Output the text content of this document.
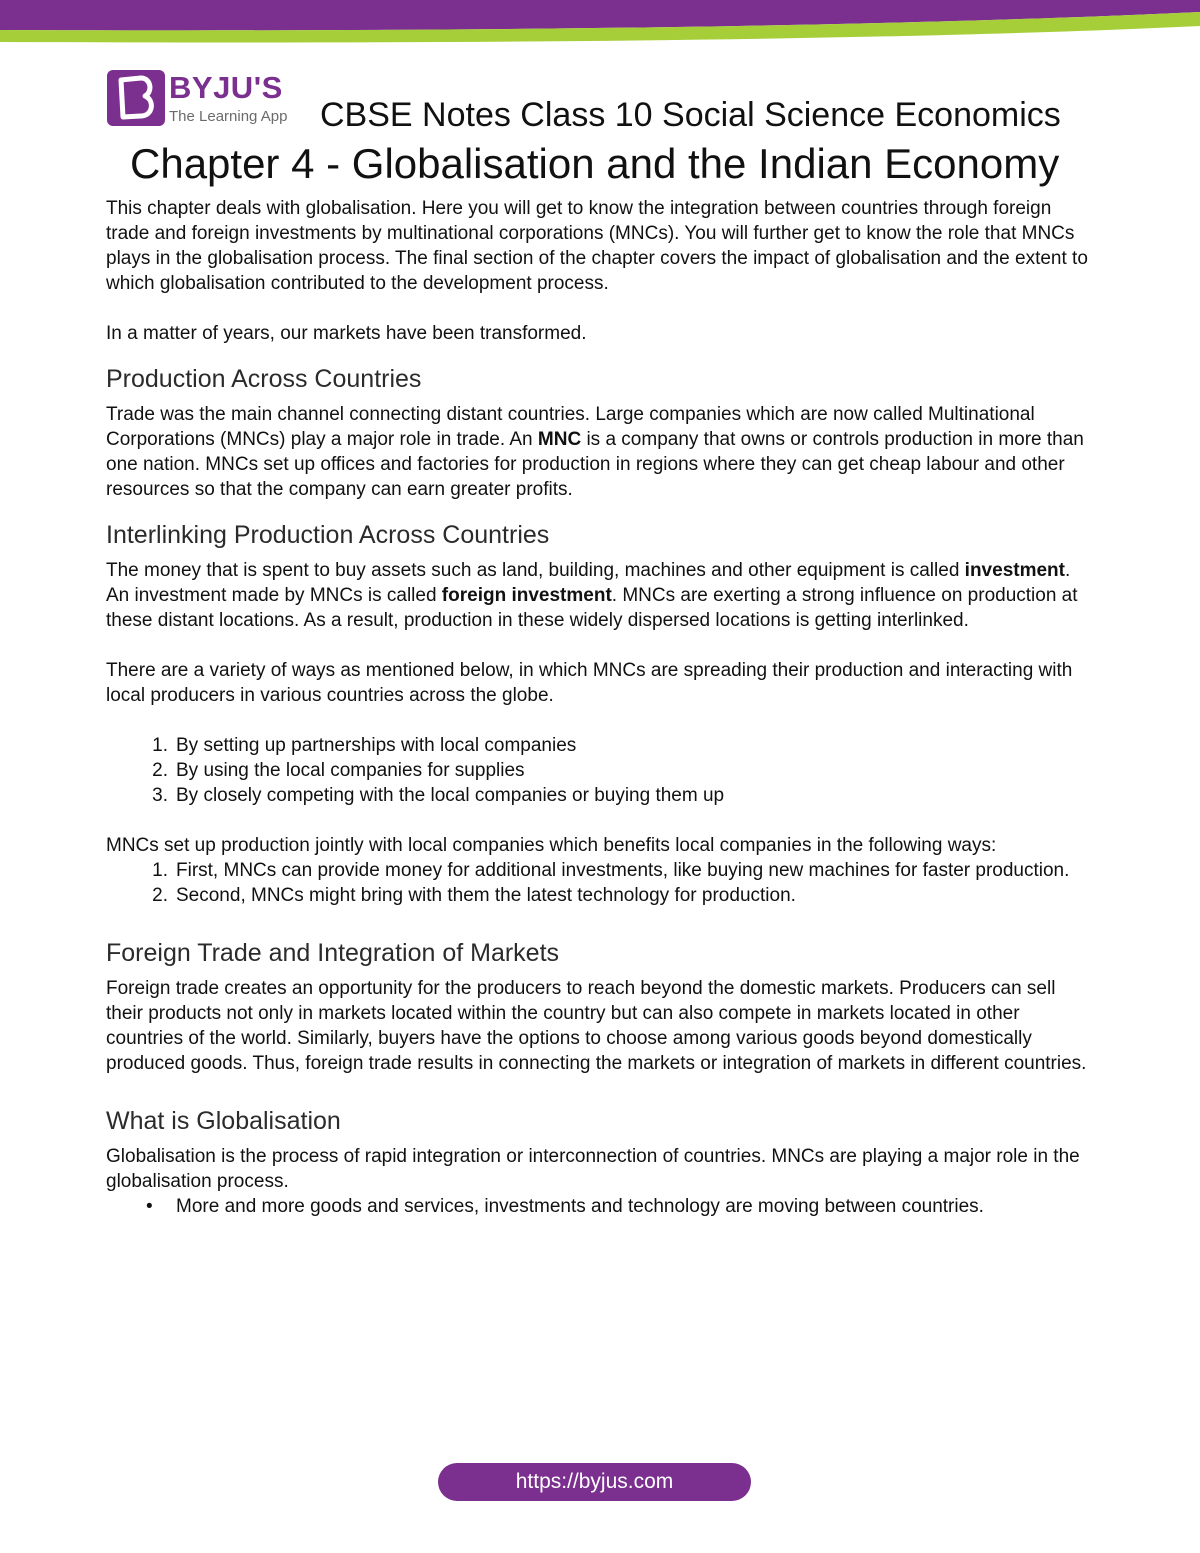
BYJU'S
The Learning App CBSE Notes Class 10 Social Science Economics
Chapter 4 - Globalisation and the Indian Economy

This chapter deals with globalisation. Here you will get to know the integration between countries through foreign trade and foreign investments by multinational corporations (MNCs). You will further get to know the role that MNCs plays in the globalisation process. The final section of the chapter covers the impact of globalisation and the extent to which globalisation contributed to the development process.

In a matter of years, our markets have been transformed.

Production Across Countries

Trade was the main channel connecting distant countries. Large companies which are now called Multinational Corporations (MNCs) play a major role in trade. An MNC is a company that owns or controls production in more than one nation. MNCs set up offices and factories for production in regions where they can get cheap labour and other resources so that the company can earn greater profits.

Interlinking Production Across Countries

The money that is spent to buy assets such as land, building, machines and other equipment is called investment. An investment made by MNCs is called foreign investment. MNCs are exerting a strong influence on production at these distant locations. As a result, production in these widely dispersed locations is getting interlinked.

There are a variety of ways as mentioned below, in which MNCs are spreading their production and interacting with local producers in various countries across the globe.

1. By setting up partnerships with local companies
2. By using the local companies for supplies
3. By closely competing with the local companies or buying them up

MNCs set up production jointly with local companies which benefits local companies in the following ways:

1. First, MNCs can provide money for additional investments, like buying new machines for faster production.
2. Second, MNCs might bring with them the latest technology for production.
Foreign Trade and Integration of Markets

Foreign trade creates an opportunity for the producers to reach beyond the domestic markets. Producers can sell their products not only in markets located within the country but can also compete in markets located in other countries of the world. Similarly, buyers have the options to choose among various goods beyond domestically produced goods. Thus, foreign trade results in connecting the markets or integration of markets in different countries.

What is Globalisation

Globalisation is the process of rapid integration or interconnection of countries. MNCs are playing a major role in the globalisation process.

• More and more goods and services, investments and technology are moving between countries.
https://byjus.com
